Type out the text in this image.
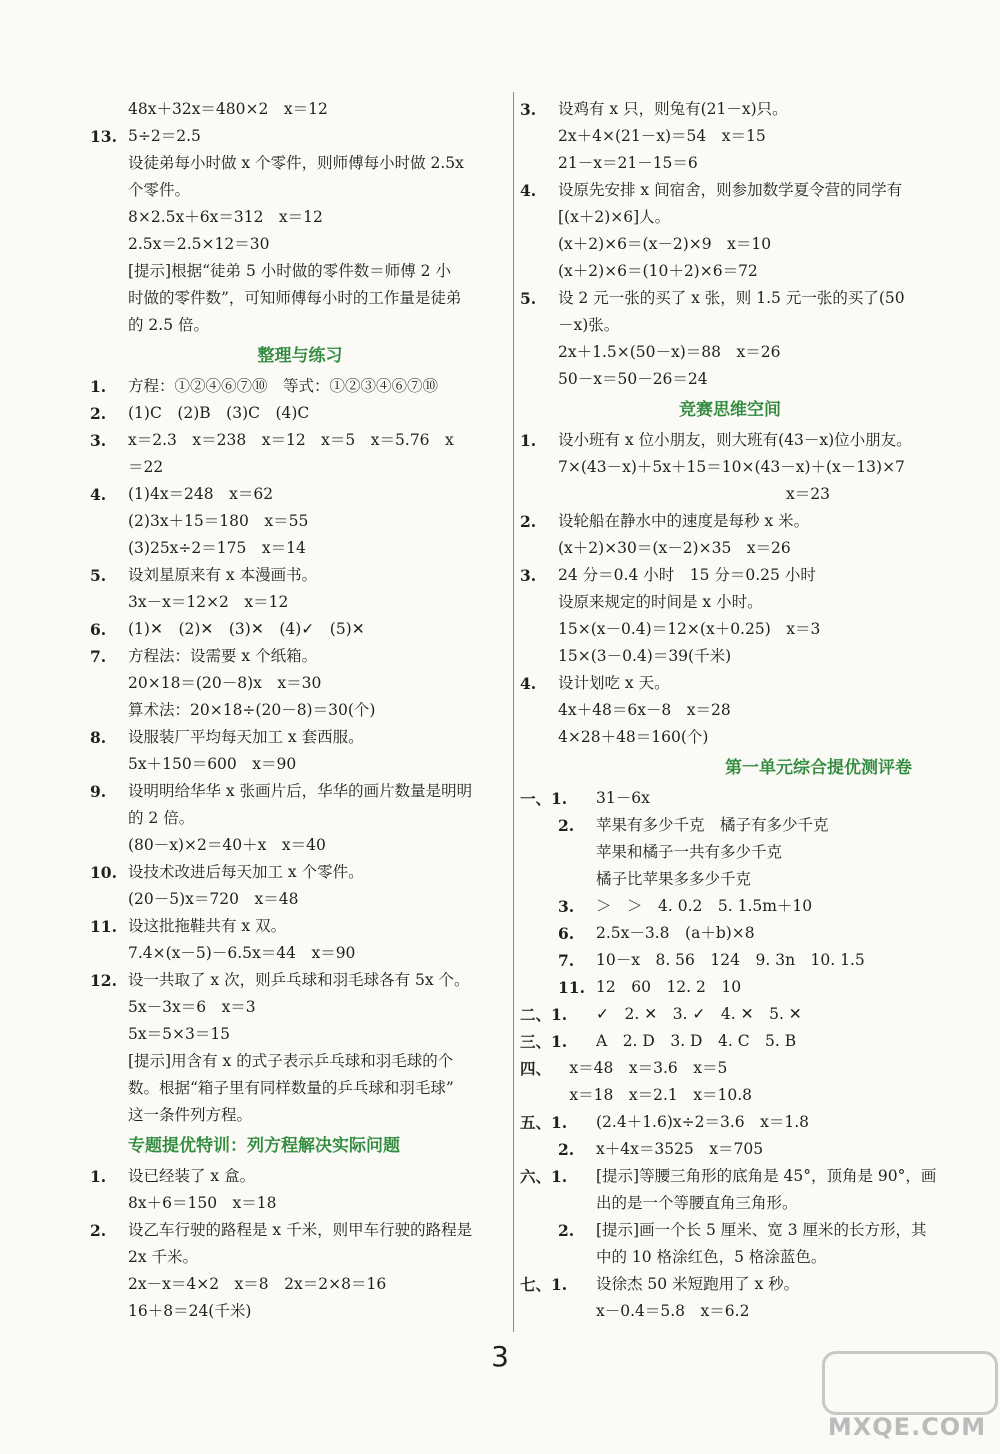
48x＋32x＝480×2　x＝12
13. 5÷2＝2.5
设徒弟每小时做 x 个零件，则师傅每小时做 2.5x
个零件。
8×2.5x＋6x＝312　x＝12
2.5x＝2.5×12＝30
[提示]根据“徒弟 5 小时做的零件数＝师傅 2 小
时做的零件数”，可知师傅每小时的工作量是徒弟
的 2.5 倍。
整理与练习
1. 方程：①②④⑥⑦⑩　等式：①②③④⑥⑦⑩
2. (1)C　(2)B　(3)C　(4)C
3. x＝2.3　x＝238　x＝12　x＝5　x＝5.76　x
＝22
4. (1)4x＝248　x＝62
(2)3x＋15＝180　x＝55
(3)25x÷2＝175　x＝14
5. 设刘星原来有 x 本漫画书。
3x－x＝12×2　x＝12
6. (1)✕　(2)✕　(3)✕　(4)✓　(5)✕
7. 方程法：设需要 x 个纸箱。
20×18＝(20－8)x　x＝30
算术法：20×18÷(20－8)＝30(个)
8. 设服装厂平均每天加工 x 套西服。
5x＋150＝600　x＝90
9. 设明明给华华 x 张画片后，华华的画片数量是明明
的 2 倍。
(80－x)×2＝40＋x　x＝40
10. 设技术改进后每天加工 x 个零件。
(20－5)x＝720　x＝48
11. 设这批拖鞋共有 x 双。
7.4×(x－5)－6.5x＝44　x＝90
12. 设一共取了 x 次，则乒乓球和羽毛球各有 5x 个。
5x－3x＝6　x＝3
5x＝5×3＝15
[提示]用含有 x 的式子表示乒乓球和羽毛球的个
数。根据“箱子里有同样数量的乒乓球和羽毛球”
这一条件列方程。
专题提优特训：列方程解决实际问题
1. 设已经装了 x 盒。
8x＋6＝150　x＝18
2. 设乙车行驶的路程是 x 千米，则甲车行驶的路程是
2x 千米。
2x－x＝4×2　x＝8　2x＝2×8＝16
16＋8＝24(千米)
3. 设鸡有 x 只，则兔有(21－x)只。
2x＋4×(21－x)＝54　x＝15
21－x＝21－15＝6
4. 设原先安排 x 间宿舍，则参加数学夏令营的同学有
[(x＋2)×6]人。
(x＋2)×6＝(x－2)×9　x＝10
(x＋2)×6＝(10＋2)×6＝72
5. 设 2 元一张的买了 x 张，则 1.5 元一张的买了(50
－x)张。
2x＋1.5×(50－x)＝88　x＝26
50－x＝50－26＝24
竞赛思维空间
1. 设小班有 x 位小朋友，则大班有(43－x)位小朋友。
7×(43－x)＋5x＋15＝10×(43－x)＋(x－13)×7
x＝23
2. 设轮船在静水中的速度是每秒 x 米。
(x＋2)×30＝(x－2)×35　x＝26
3. 24 分＝0.4 小时　15 分＝0.25 小时
设原来规定的时间是 x 小时。
15×(x－0.4)＝12×(x＋0.25)　x＝3
15×(3－0.4)＝39(千米)
4. 设计划吃 x 天。
4x＋48＝6x－8　x＝28
4×28＋48＝160(个)
第一单元综合提优测评卷
一、1. 31－6x
2. 苹果有多少千克　橘子有多少千克
苹果和橘子一共有多少千克
橘子比苹果多多少千克
3. ＞　＞　4. 0.2　5. 1.5m＋10
6. 2.5x－3.8　(a＋b)×8
7. 10－x　8. 56　124　9. 3n　10. 1.5
11. 12　60　12. 2　10
二、1. ✓　2. ✕　3. ✓　4. ✕　5. ✕
三、1. A　2. D　3. D　4. C　5. B
四、 x＝48　x＝3.6　x＝5
x＝18　x＝2.1　x＝10.8
五、1. (2.4＋1.6)x÷2＝3.6　x＝1.8
2. x＋4x＝3525　x＝705
六、1. [提示]等腰三角形的底角是 45°，顶角是 90°，画
出的是一个等腰直角三角形。
2. [提示]画一个长 5 厘米、宽 3 厘米的长方形，其
中的 10 格涂红色，5 格涂蓝色。
七、1. 设徐杰 50 米短跑用了 x 秒。
x－0.4＝5.8　x＝6.2
3
MXQE.COM
